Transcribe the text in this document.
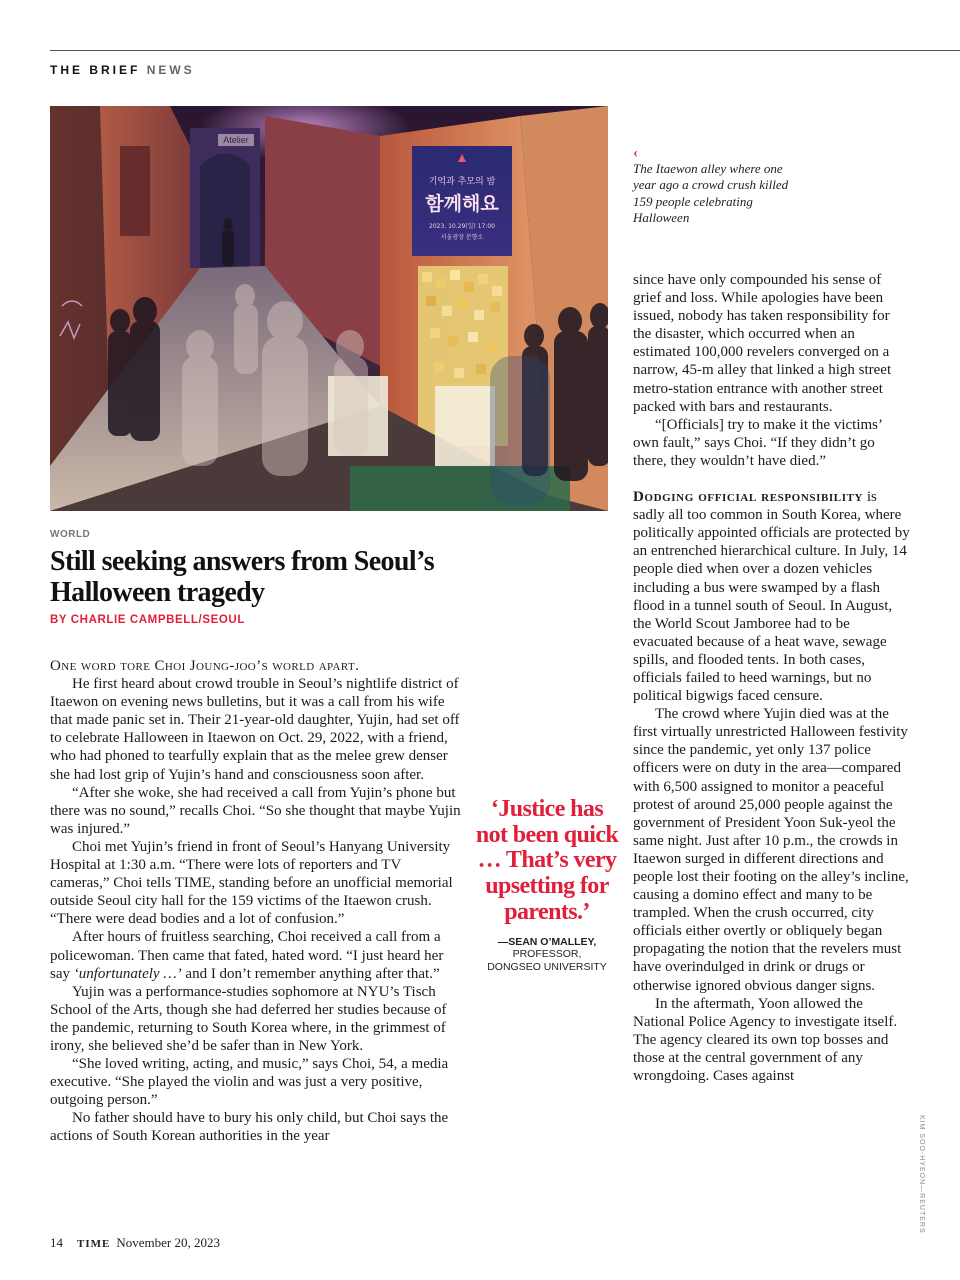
THE BRIEF NEWS
Atelier
기억과 추모의 밤
함께해요
2023. 10.29(일) 17:00
서울광장 분향소
‹
The Itaewon alley where one year ago a crowd crush killed 159 people celebrating Halloween
WORLD
Still seeking answers from Seoul’s Halloween tragedy
BY CHARLIE CAMPBELL/SEOUL

One word tore Choi Joung-joo’s world apart.

He first heard about crowd trouble in Seoul’s nightlife district of Itaewon on evening news bulletins, but it was a call from his wife that made panic set in. Their 21-year-old daughter, Yujin, had set off to celebrate Halloween in Itaewon on Oct. 29, 2022, with a friend, who had phoned to tearfully explain that as the melee grew denser she had lost grip of Yujin’s hand and consciousness soon after.

“After she woke, she had received a call from Yujin’s phone but there was no sound,” recalls Choi. “So she thought that maybe Yujin was injured.”

Choi met Yujin’s friend in front of Seoul’s Hanyang University Hospital at 1:30 a.m. “There were lots of reporters and TV cameras,” Choi tells TIME, standing before an unofficial memorial outside Seoul city hall for the 159 victims of the Itaewon crush. “There were dead bodies and a lot of confusion.”

After hours of fruitless searching, Choi received a call from a policewoman. Then came that fated, hated word. “I just heard her say ‘unfortunately …’ and I don’t remember anything after that.”

Yujin was a performance-studies sophomore at NYU’s Tisch School of the Arts, though she had deferred her studies because of the pandemic, returning to South Korea where, in the grimmest of irony, she believed she’d be safer than in New York.

“She loved writing, acting, and music,” says Choi, 54, a media executive. “She played the violin and was just a very positive, outgoing person.”

No father should have to bury his only child, but Choi says the actions of South Korean authorities in the year

‘Justice has not been quick … That’s very upsetting for parents.’
—SEAN O’MALLEY,
PROFESSOR,
DONGSEO UNIVERSITY

since have only compounded his sense of grief and loss. While apologies have been issued, nobody has taken responsibility for the disaster, which occurred when an estimated 100,000 revelers converged on a narrow, 45-m alley that linked a high street metro-station entrance with another street packed with bars and restaurants.

“[Officials] try to make it the victims’ own fault,” says Choi. “If they didn’t go there, they wouldn’t have died.”

Dodging official responsibility is sadly all too common in South Korea, where politically appointed officials are protected by an entrenched hierarchical culture. In July, 14 people died when over a dozen vehicles including a bus were swamped by a flash flood in a tunnel south of Seoul. In August, the World Scout Jamboree had to be evacuated because of a heat wave, sewage spills, and flooded tents. In both cases, officials failed to heed warnings, but no political bigwigs faced censure.

The crowd where Yujin died was at the first virtually unrestricted Halloween festivity since the pandemic, yet only 137 police officers were on duty in the area—compared with 6,500 assigned to monitor a peaceful protest of around 25,000 people against the government of President Yoon Suk-yeol the same night. Just after 10 p.m., the crowds in Itaewon surged in different directions and people lost their footing on the alley’s incline, causing a domino effect and many to be trampled. When the crush occurred, city officials either overtly or obliquely began propagating the notion that the revelers must have overindulged in drink or drugs or otherwise ignored obvious danger signs.

In the aftermath, Yoon allowed the National Police Agency to investigate itself. The agency cleared its own top bosses and those at the central government of any wrongdoing. Cases against

KIM SOO-HYEON—REUTERS
14 TIME November 20, 2023
